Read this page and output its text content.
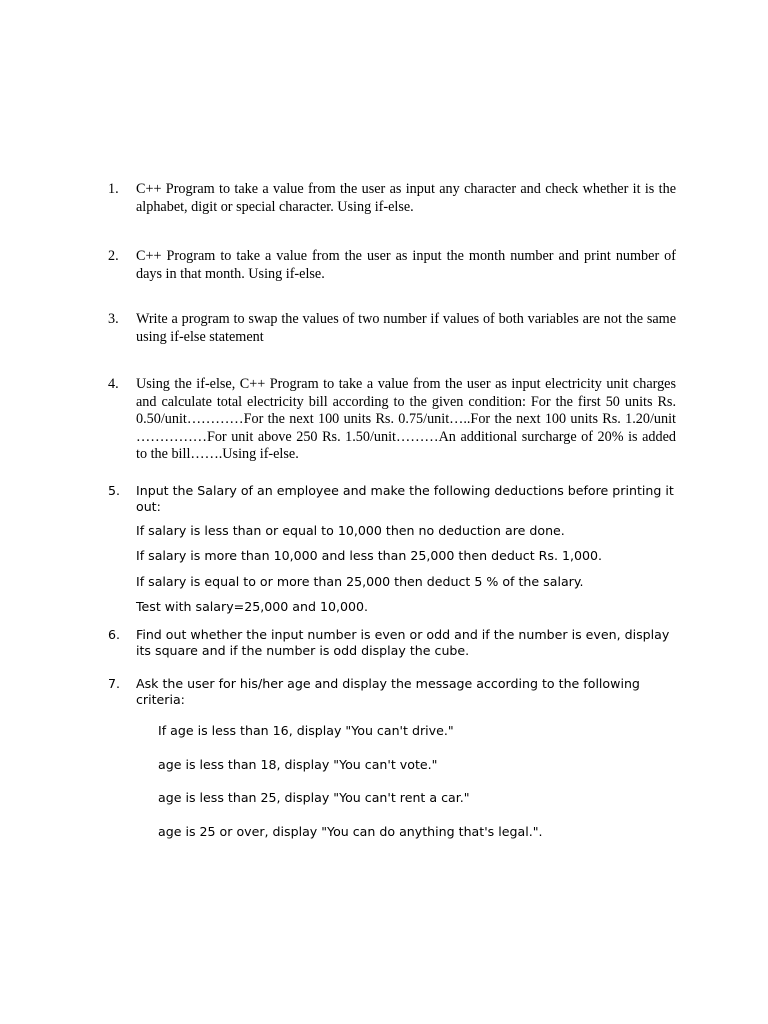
1.	C++ Program to take a value from the user as input any character and check whether it is the alphabet, digit or special character. Using if-else.
2.	C++ Program to take a value from the user as input the month number and print number of days in that month. Using if-else.
3.	Write a program to swap the values of two number if values of both variables are not the same using if-else statement
4.	Using the if-else, C++ Program to take a value from the user as input electricity unit charges and calculate total electricity bill according to the given condition: For the first 50 units Rs. 0.50/unit…………For the next 100 units Rs. 0.75/unit…..For the next 100 units Rs. 1.20/unit ……………For unit above 250 Rs. 1.50/unit………An additional surcharge of 20% is added to the bill…….Using if-else.
5.	Input the Salary of an employee and make the following deductions before printing it out:
If salary is less than or equal to 10,000 then no deduction are done.
If salary is more than 10,000 and less than 25,000 then deduct Rs. 1,000.
If salary is equal to or more than 25,000 then deduct 5 % of the salary.
Test with salary=25,000 and 10,000.
6.	Find out whether the input number is even or odd and if the number is even, display its square and if the number is odd display the cube.
7.	Ask the user for his/her age and display the message according to the following criteria:
If age is less than 16, display "You can't drive."
age is less than 18, display "You can't vote."
age is less than 25, display "You can't rent a car."
age is 25 or over, display "You can do anything that's legal.".
